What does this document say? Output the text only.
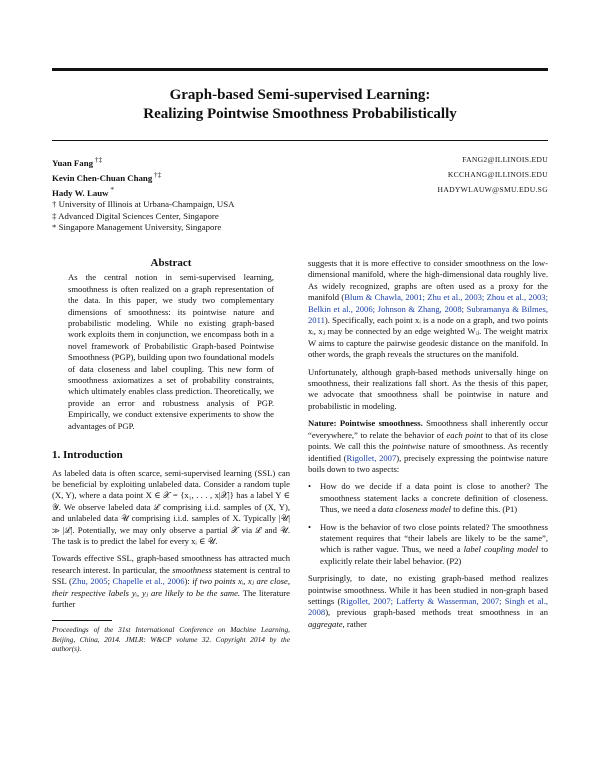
Graph-based Semi-supervised Learning:
Realizing Pointwise Smoothness Probabilistically
Yuan Fang †‡	FANG2@ILLINOIS.EDU
Kevin Chen-Chuan Chang †‡	KCCHANG@ILLINOIS.EDU
Hady W. Lauw *	HADYWLAUW@SMU.EDU.SG
† University of Illinois at Urbana-Champaign, USA
‡ Advanced Digital Sciences Center, Singapore
* Singapore Management University, Singapore
Abstract

As the central notion in semi-supervised learning, smoothness is often realized on a graph representation of the data. In this paper, we study two complementary dimensions of smoothness: its pointwise nature and probabilistic modeling. While no existing graph-based work exploits them in conjunction, we encompass both in a novel framework of Probabilistic Graph-based Pointwise Smoothness (PGP), building upon two foundational models of data closeness and label coupling. This new form of smoothness axiomatizes a set of probability constraints, which ultimately enables class prediction. Theoretically, we provide an error and robustness analysis of PGP. Empirically, we conduct extensive experiments to show the advantages of PGP.

1. Introduction

As labeled data is often scarce, semi-supervised learning (SSL) can be beneficial by exploiting unlabeled data. Consider a random tuple (X, Y), where a data point X ∈ 𝒳 = {x₁, . . . , x|𝒳|} has a label Y ∈ 𝒴. We observe labeled data ℒ comprising i.i.d. samples of (X, Y), and unlabeled data 𝒰 comprising i.i.d. samples of X. Typically |𝒰| ≫ |ℒ|. Potentially, we may only observe a partial 𝒳 via ℒ and 𝒰. The task is to predict the label for every xᵢ ∈ 𝒰.

Towards effective SSL, graph-based smoothness has attracted much research interest. In particular, the smoothness statement is central to SSL (Zhu, 2005; Chapelle et al., 2006): if two points xᵢ, xⱼ are close, their respective labels yᵢ, yⱼ are likely to be the same. The literature further

Proceedings of the 31st International Conference on Machine Learning, Beijing, China, 2014. JMLR: W&CP volume 32. Copyright 2014 by the author(s).

suggests that it is more effective to consider smoothness on the low-dimensional manifold, where the high-dimensional data roughly live. As widely recognized, graphs are often used as a proxy for the manifold (Blum & Chawla, 2001; Zhu et al., 2003; Zhou et al., 2003; Belkin et al., 2006; Johnson & Zhang, 2008; Subramanya & Bilmes, 2011). Specifically, each point xᵢ is a node on a graph, and two points xᵢ, xⱼ may be connected by an edge weighted Wᵢⱼ. The weight matrix W aims to capture the pairwise geodesic distance on the manifold. In other words, the graph reveals the structures on the manifold.

Unfortunately, although graph-based methods universally hinge on smoothness, their realizations fall short. As the thesis of this paper, we advocate that smoothness shall be pointwise in nature and probabilistic in modeling.

Nature: Pointwise smoothness. Smoothness shall inherently occur “everywhere,” to relate the behavior of each point to that of its close points. We call this the pointwise nature of smoothness. As recently identified (Rigollet, 2007), precisely expressing the pointwise nature boils down to two aspects:

•	How do we decide if a data point is close to another? The smoothness statement lacks a concrete definition of closeness. Thus, we need a data closeness model to define this. (P1)
•	How is the behavior of two close points related? The smoothness statement requires that “their labels are likely to be the same”, which is rather vague. Thus, we need a label coupling model to explicitly relate their label behavior. (P2)

Surprisingly, to date, no existing graph-based method realizes pointwise smoothness. While it has been studied in non-graph based settings (Rigollet, 2007; Lafferty & Wasserman, 2007; Singh et al., 2008), previous graph-based methods treat smoothness in an aggregate, rather
